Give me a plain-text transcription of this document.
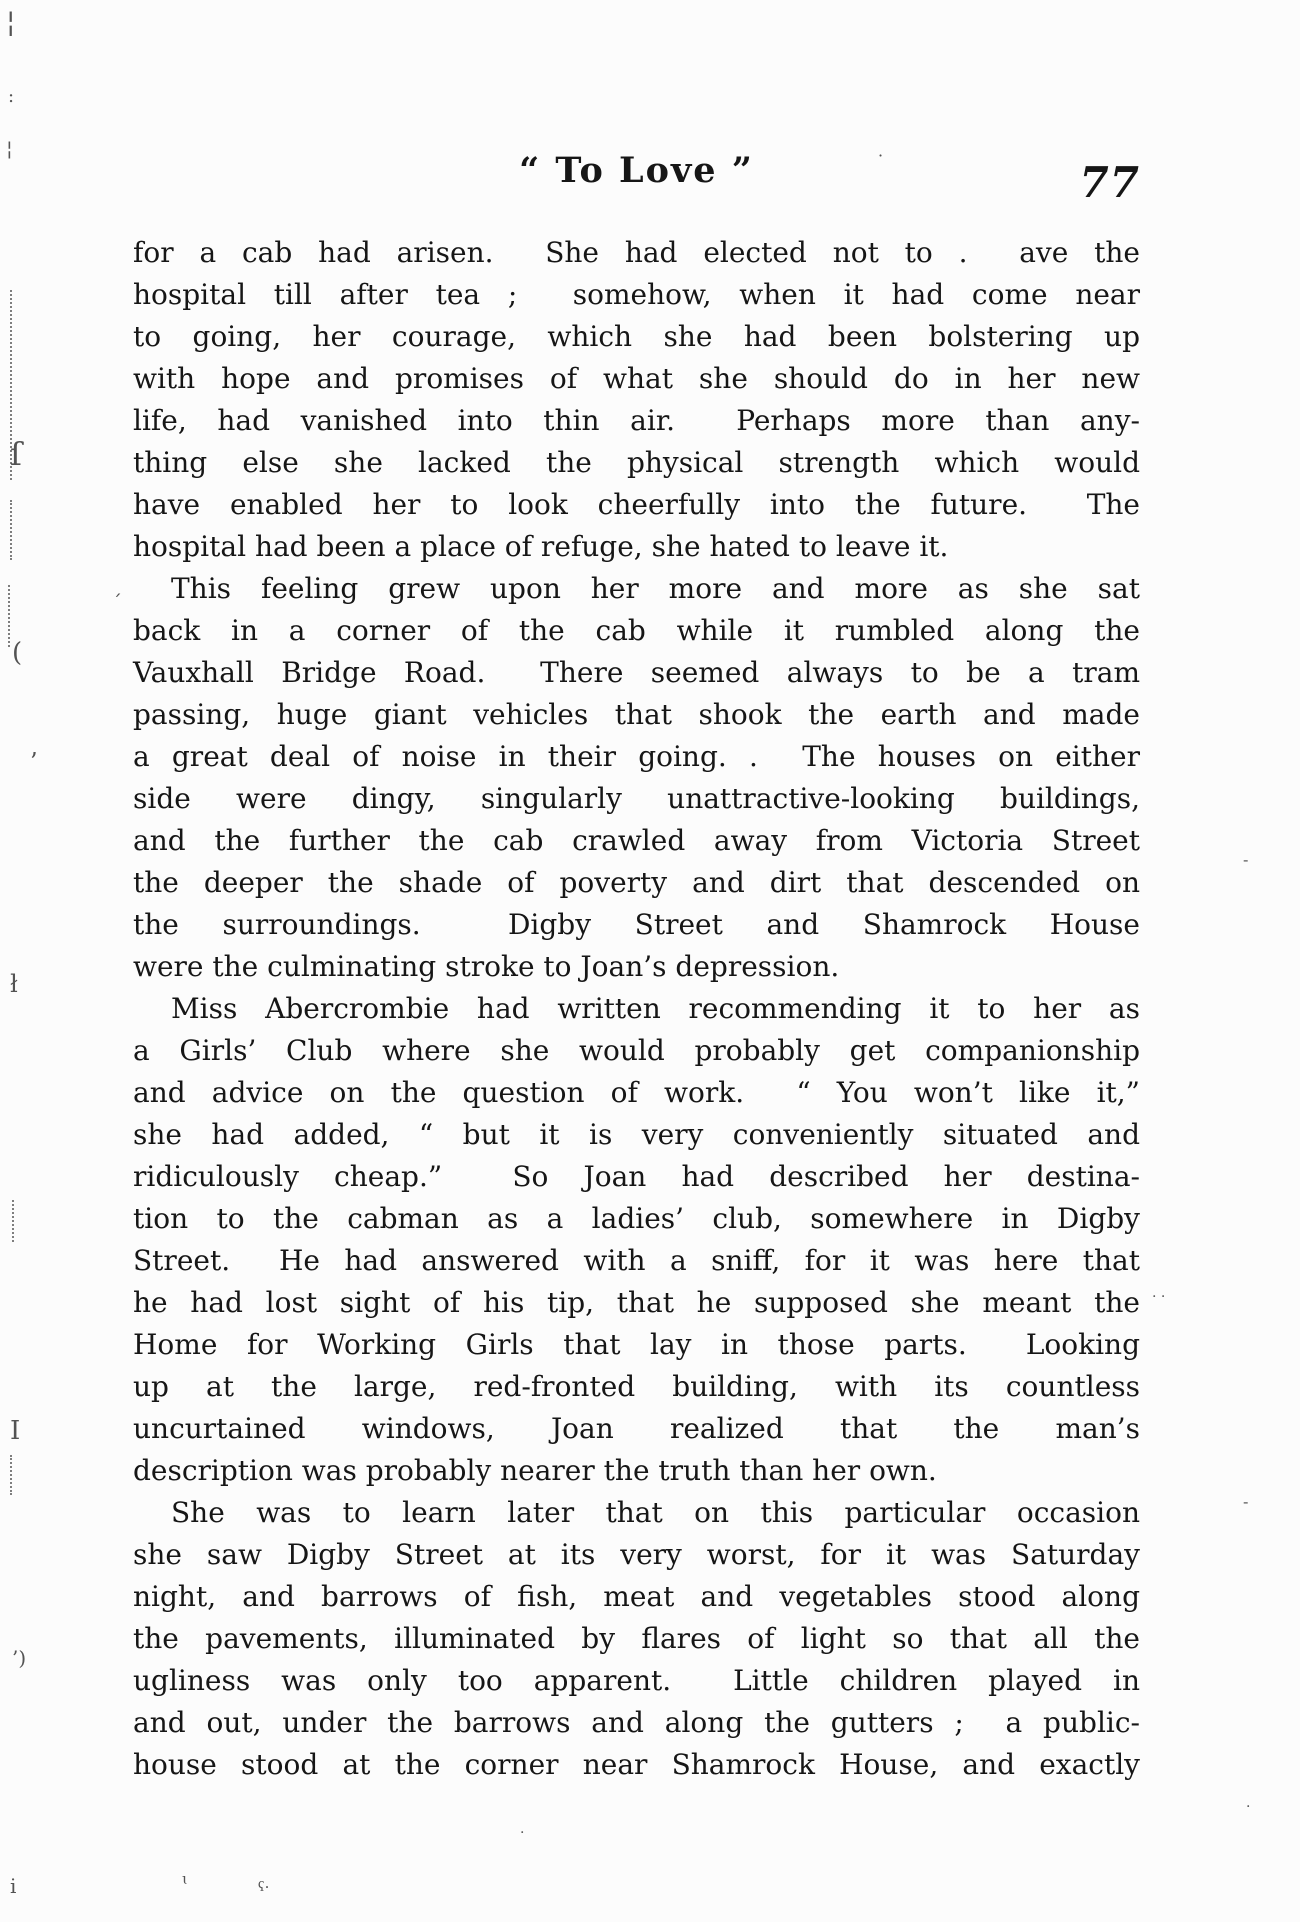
“ To Love ”	77
for a cab had arisen.  She had elected not to .  ave the
hospital till after tea ;  somehow, when it had come near
to going, her courage, which she had been bolstering up
with hope and promises of what she should do in her new
life, had vanished into thin air.  Perhaps more than any-
thing else she lacked the physical strength which would
have enabled her to look cheerfully into the future.  The
hospital had been a place of refuge, she hated to leave it.
This feeling grew upon her more and more as she sat
back in a corner of the cab while it rumbled along the
Vauxhall Bridge Road.  There seemed always to be a tram
passing, huge giant vehicles that shook the earth and made
a great deal of noise in their going. .  The houses on either
side were dingy, singularly unattractive-looking buildings,
and the further the cab crawled away from Victoria Street
the deeper the shade of poverty and dirt that descended on
the surroundings.  Digby Street and Shamrock House
were the culminating stroke to Joan’s depression.
Miss Abercrombie had written recommending it to her as
a Girls’ Club where she would probably get companionship
and advice on the question of work.  “ You won’t like it,”
she had added, “ but it is very conveniently situated and
ridiculously cheap.”  So Joan had described her destina-
tion to the cabman as a ladies’ club, somewhere in Digby
Street.  He had answered with a sniff, for it was here that
he had lost sight of his tip, that he supposed she meant the
Home for Working Girls that lay in those parts.  Looking
up at the large, red-fronted building, with its countless
uncurtained windows, Joan realized that the man’s
description was probably nearer the truth than her own.
She was to learn later that on this particular occasion
she saw Digby Street at its very worst, for it was Saturday
night, and barrows of fish, meat and vegetables stood along
the pavements, illuminated by flares of light so that all the
ugliness was only too apparent.  Little children played in
and out, under the barrows and along the gutters ;  a public-
house stood at the corner near Shamrock House, and exactly
¦
:
¦
ſ
(
’
´
ł
I
’)
i
·
-
. .
-
ɩ	ҁ.
·
·
